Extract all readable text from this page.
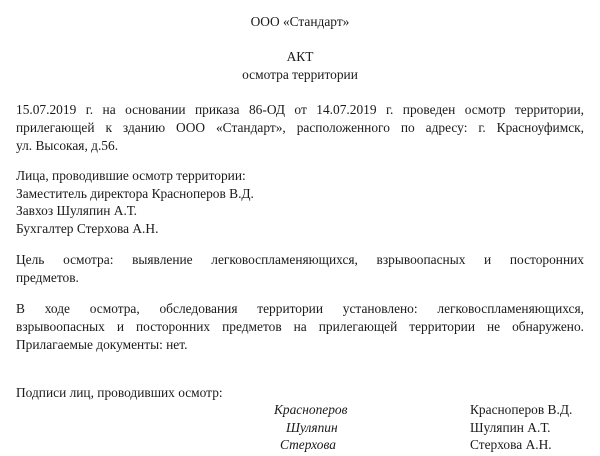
ООО «Стандарт»
АКТ
осмотра территории
15.07.2019 г. на основании приказа 86-ОД от 14.07.2019 г. проведен осмотр территории,
прилегающей к зданию ООО «Стандарт», расположенного по адресу: г. Красноуфимск,
ул. Высокая, д.56.
Лица, проводившие осмотр территории:
Заместитель директора Красноперов В.Д.
Завхоз Шуляпин А.Т.
Бухгалтер Стерхова А.Н.
Цель осмотра: выявление легковоспламеняющихся, взрывоопасных и посторонних
предметов.
В ходе осмотра, обследования территории установлено: легковоспламеняющихся,
взрывоопасных и посторонних предметов на прилегающей территории не обнаружено.
Прилагаемые документы: нет.
Подписи лиц, проводивших осмотр:
Красноперов	Красноперов В.Д.
Шуляпин	Шуляпин А.Т.
Стерхова	Стерхова А.Н.
